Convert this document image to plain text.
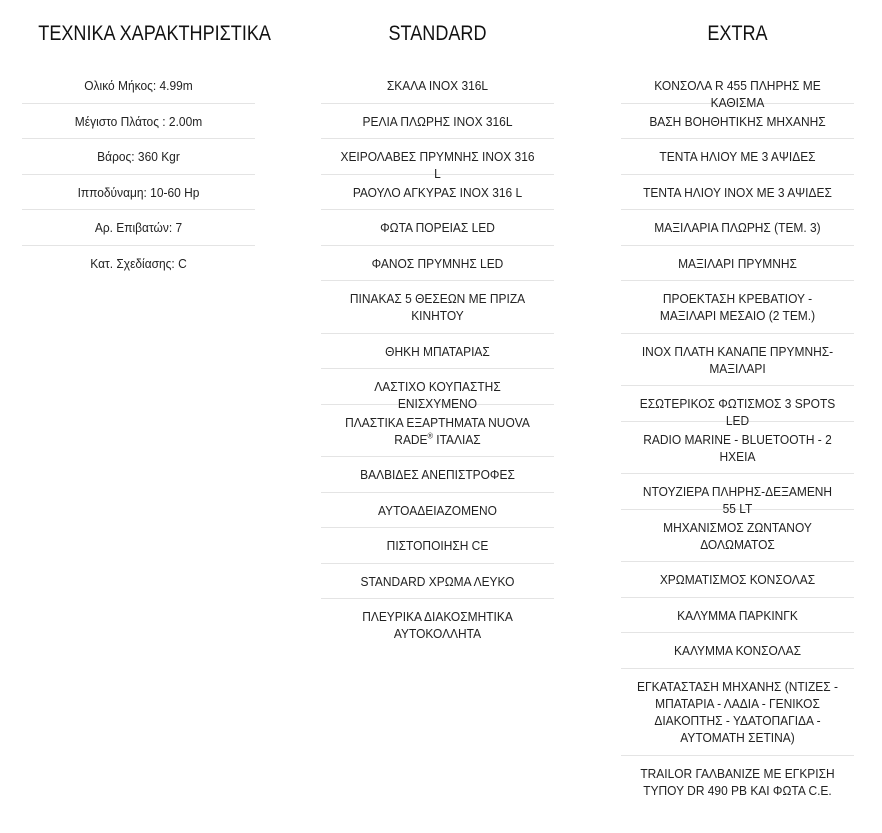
ΤΕΧΝΙΚΑ ΧΑΡΑΚΤΗΡΙΣΤΙΚΑ
Ολικό Μήκος: 4.99m
Μέγιστο Πλάτος : 2.00m
Βάρος: 360 Kgr
Ιπποδύναμη: 10-60 Hp
Αρ. Επιβατών: 7
Κατ. Σχεδίασης: C
STANDARD
ΣΚΑΛΑ INOX 316L
ΡΕΛΙΑ ΠΛΩΡΗΣ INOX 316L
ΧΕΙΡΟΛΑΒΕΣ ΠΡΥΜΝΗΣ INOX 316 L
ΡΑΟΥΛΟ ΑΓΚΥΡΑΣ INOX 316 L
ΦΩΤΑ ΠΟΡΕΙΑΣ LED
ΦΑΝΟΣ ΠΡΥΜΝΗΣ LED
ΠΙΝΑΚΑΣ 5 ΘΕΣΕΩΝ ΜΕ ΠΡΙΖΑ ΚΙΝΗΤΟΥ
ΘΗΚΗ ΜΠΑΤΑΡΙΑΣ
ΛΑΣΤΙΧΟ ΚΟΥΠΑΣΤΗΣ ΕΝΙΣΧΥΜΕΝΟ
ΠΛΑΣΤΙΚΑ ΕΞΑΡΤΗΜΑΤΑ NUOVA RADE® ΙΤΑΛΙΑΣ
ΒΑΛΒΙΔΕΣ ΑΝΕΠΙΣΤΡΟΦΕΣ
ΑΥΤΟΑΔΕΙΑΖΟΜΕΝΟ
ΠΙΣΤΟΠΟΙΗΣΗ CE
STANDARD ΧΡΩΜΑ ΛΕΥΚΟ
ΠΛΕΥΡΙΚΑ ΔΙΑΚΟΣΜΗΤΙΚΑ ΑΥΤΟΚΟΛΛΗΤΑ
EXTRA
ΚΟΝΣΟΛΑ R 455 ΠΛΗΡΗΣ ΜΕ ΚΑΘΙΣΜΑ
ΒΑΣΗ ΒΟΗΘΗΤΙΚΗΣ ΜΗΧΑΝΗΣ
ΤΕΝΤΑ ΗΛΙΟΥ ΜΕ 3 ΑΨΙΔΕΣ
ΤΕΝΤΑ ΗΛΙΟΥ INOX ΜΕ 3 ΑΨΙΔΕΣ
ΜΑΞΙΛΑΡΙΑ ΠΛΩΡΗΣ (ΤΕΜ. 3)
ΜΑΞΙΛΑΡΙ ΠΡΥΜΝΗΣ
ΠΡΟΕΚΤΑΣΗ ΚΡΕΒΑΤΙΟΥ - ΜΑΞΙΛΑΡΙ ΜΕΣΑΙΟ (2 ΤΕΜ.)
INOX ΠΛΑΤΗ ΚΑΝΑΠΕ ΠΡΥΜΝΗΣ-ΜΑΞΙΛΑΡΙ
ΕΣΩΤΕΡΙΚΟΣ ΦΩΤΙΣΜΟΣ 3 SPOTS LED
RADIO MARINE - BLUETOOTH - 2 ΗΧΕΙΑ
ΝΤΟΥΖΙΕΡΑ ΠΛΗΡΗΣ-ΔΕΞΑΜΕΝΗ 55 LT
ΜΗΧΑΝΙΣΜΟΣ ΖΩΝΤΑΝΟΥ ΔΟΛΩΜΑΤΟΣ
ΧΡΩΜΑΤΙΣΜΟΣ ΚΟΝΣΟΛΑΣ
ΚΑΛΥΜΜΑ ΠΑΡΚΙΝΓΚ
ΚΑΛΥΜΜΑ ΚΟΝΣΟΛΑΣ
ΕΓΚΑΤΑΣΤΑΣΗ ΜΗΧΑΝΗΣ (ΝΤΙΖΕΣ - ΜΠΑΤΑΡΙΑ - ΛΑΔΙΑ - ΓΕΝΙΚΟΣ ΔΙΑΚΟΠΤΗΣ - ΥΔΑΤΟΠΑΓΙΔΑ - ΑΥΤΟΜΑΤΗ ΣΕΤΙΝΑ)
TRAILOR ΓΑΛΒΑΝΙΖΕ ΜΕ ΕΓΚΡΙΣΗ ΤΥΠΟΥ DR 490 PB ΚΑΙ ΦΩΤΑ C.E.
